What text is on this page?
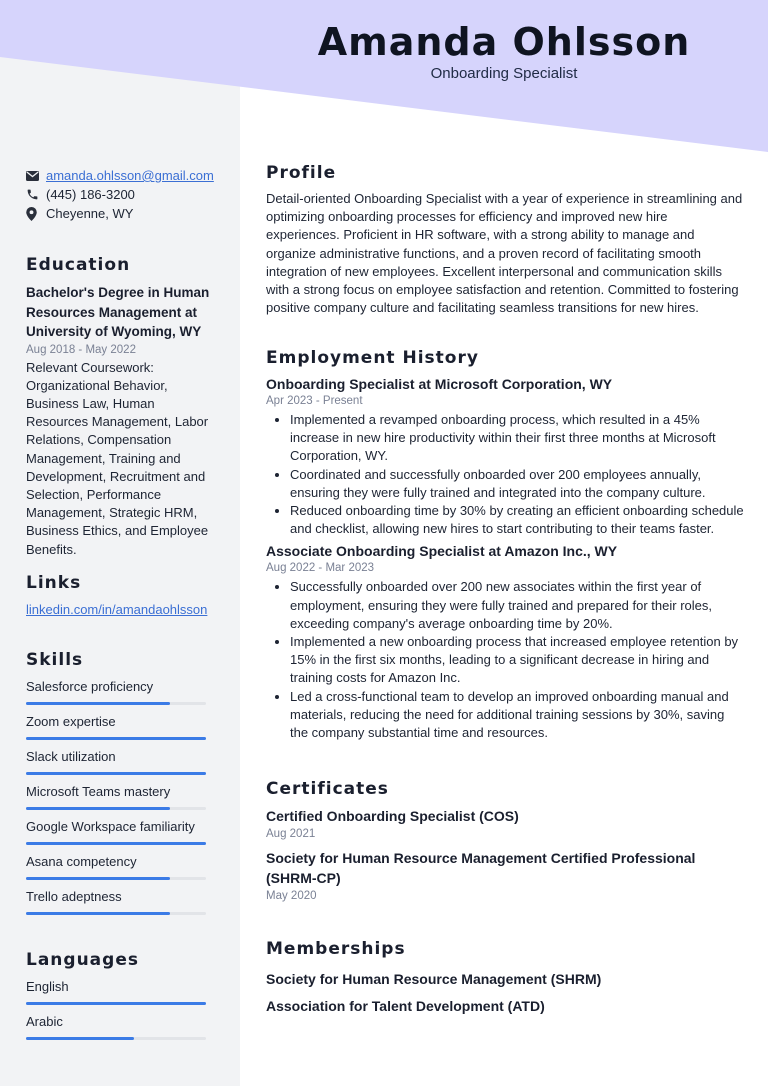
Amanda Ohlsson
Onboarding Specialist
amanda.ohlsson@gmail.com
(445) 186-3200
Cheyenne, WY
Education
Bachelor's Degree in Human Resources Management at University of Wyoming, WY
Aug 2018 - May 2022
Relevant Coursework: Organizational Behavior, Business Law, Human Resources Management, Labor Relations, Compensation Management, Training and Development, Recruitment and Selection, Performance Management, Strategic HRM, Business Ethics, and Employee Benefits.
Links
linkedin.com/in/amandaohlsson
Skills
Salesforce proficiency
Zoom expertise
Slack utilization
Microsoft Teams mastery
Google Workspace familiarity
Asana competency
Trello adeptness
Languages
English
Arabic
Profile
Detail-oriented Onboarding Specialist with a year of experience in streamlining and optimizing onboarding processes for efficiency and improved new hire experiences. Proficient in HR software, with a strong ability to manage and organize administrative functions, and a proven record of facilitating smooth integration of new employees. Excellent interpersonal and communication skills with a strong focus on employee satisfaction and retention. Committed to fostering positive company culture and facilitating seamless transitions for new hires.
Employment History
Onboarding Specialist at Microsoft Corporation, WY
Apr 2023 - Present
• Implemented a revamped onboarding process, which resulted in a 45% increase in new hire productivity within their first three months at Microsoft Corporation, WY.
• Coordinated and successfully onboarded over 200 employees annually, ensuring they were fully trained and integrated into the company culture.
• Reduced onboarding time by 30% by creating an efficient onboarding schedule and checklist, allowing new hires to start contributing to their teams faster.
Associate Onboarding Specialist at Amazon Inc., WY
Aug 2022 - Mar 2023
• Successfully onboarded over 200 new associates within the first year of employment, ensuring they were fully trained and prepared for their roles, exceeding company's average onboarding time by 20%.
• Implemented a new onboarding process that increased employee retention by 15% in the first six months, leading to a significant decrease in hiring and training costs for Amazon Inc.
• Led a cross-functional team to develop an improved onboarding manual and materials, reducing the need for additional training sessions by 30%, saving the company substantial time and resources.
Certificates
Certified Onboarding Specialist (COS)
Aug 2021
Society for Human Resource Management Certified Professional (SHRM-CP)
May 2020
Memberships
Society for Human Resource Management (SHRM)
Association for Talent Development (ATD)
